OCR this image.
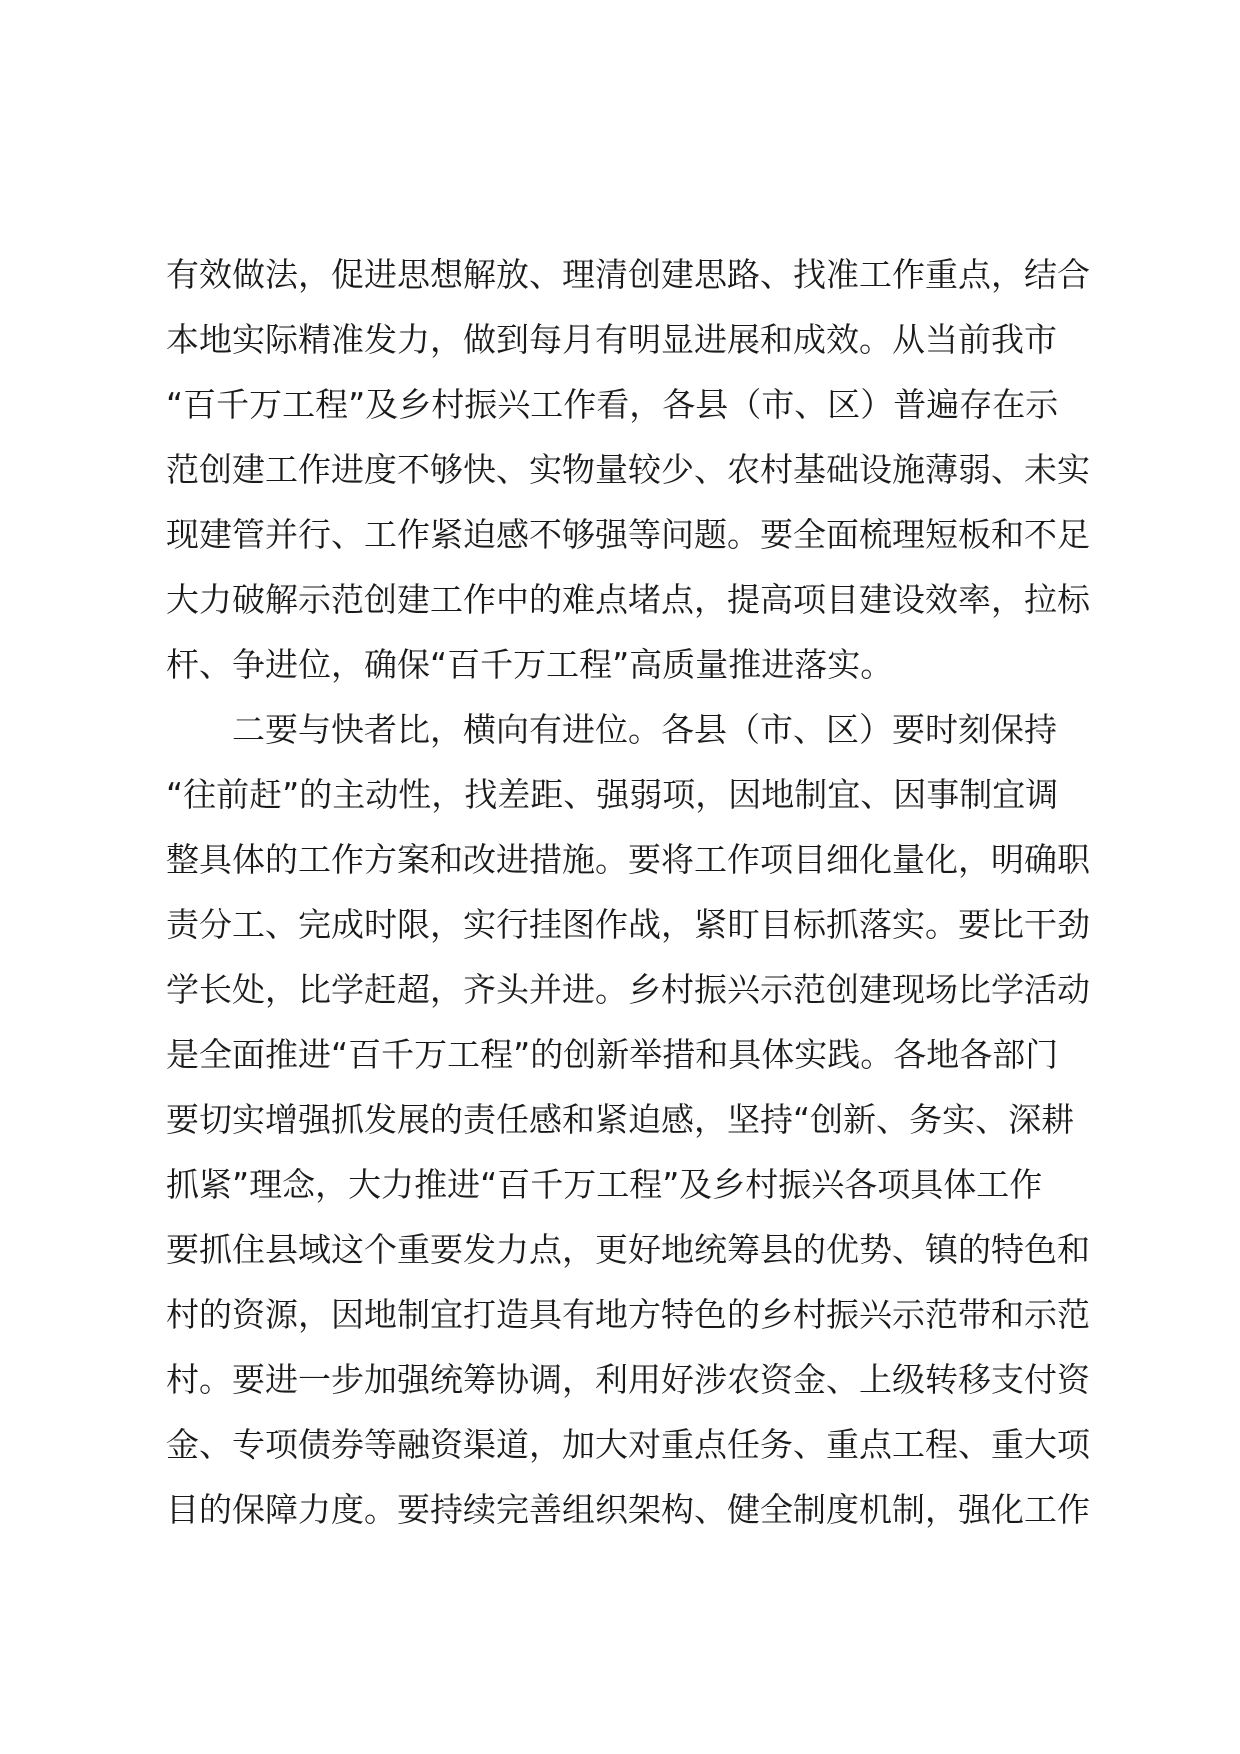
有效做法，促进思想解放、理清创建思路、找准工作重点，结合
本地实际精准发力，做到每月有明显进展和成效。从当前我市
“百千万工程”及乡村振兴工作看，各县（市、区）普遍存在示
范创建工作进度不够快、实物量较少、农村基础设施薄弱、未实
现建管并行、工作紧迫感不够强等问题。要全面梳理短板和不足
大力破解示范创建工作中的难点堵点，提高项目建设效率，拉标
杆、争进位，确保“百千万工程”高质量推进落实。
二要与快者比，横向有进位。各县（市、区）要时刻保持
“往前赶”的主动性，找差距、强弱项，因地制宜、因事制宜调
整具体的工作方案和改进措施。要将工作项目细化量化，明确职
责分工、完成时限，实行挂图作战，紧盯目标抓落实。要比干劲
学长处，比学赶超，齐头并进。乡村振兴示范创建现场比学活动
是全面推进“百千万工程”的创新举措和具体实践。各地各部门
要切实增强抓发展的责任感和紧迫感，坚持“创新、务实、深耕
抓紧”理念，大力推进“百千万工程”及乡村振兴各项具体工作
要抓住县域这个重要发力点，更好地统筹县的优势、镇的特色和
村的资源，因地制宜打造具有地方特色的乡村振兴示范带和示范
村。要进一步加强统筹协调，利用好涉农资金、上级转移支付资
金、专项债券等融资渠道，加大对重点任务、重点工程、重大项
目的保障力度。要持续完善组织架构、健全制度机制，强化工作
